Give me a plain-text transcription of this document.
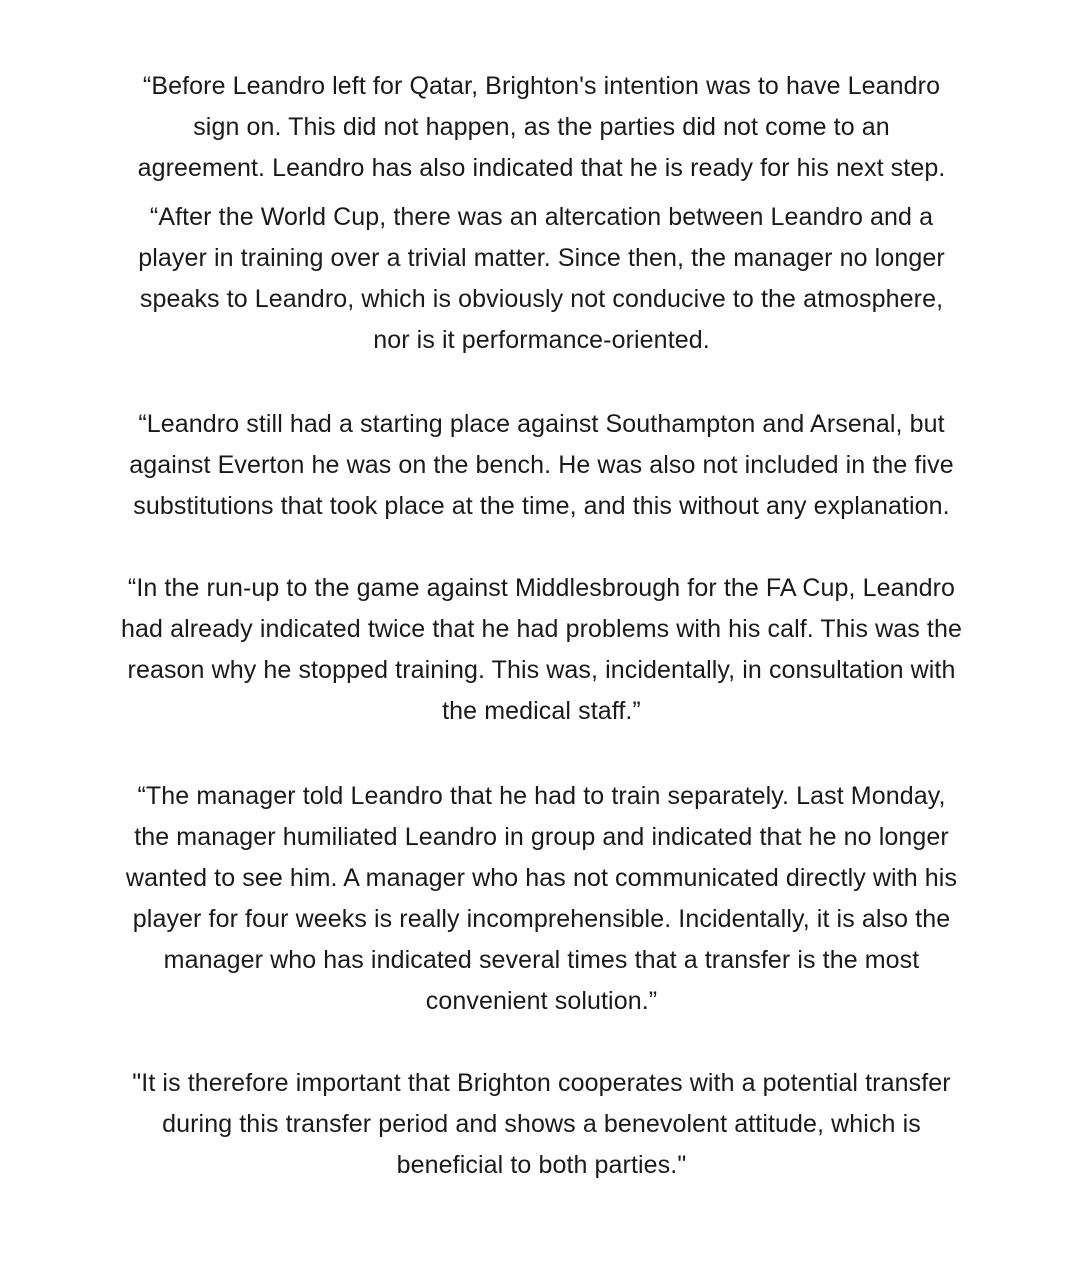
“Before Leandro left for Qatar, Brighton's intention was to have Leandro
sign on. This did not happen, as the parties did not come to an
agreement. Leandro has also indicated that he is ready for his next step.

“After the World Cup, there was an altercation between Leandro and a
player in training over a trivial matter. Since then, the manager no longer
speaks to Leandro, which is obviously not conducive to the atmosphere,
nor is it performance-oriented.

“Leandro still had a starting place against Southampton and Arsenal, but
against Everton he was on the bench. He was also not included in the five
substitutions that took place at the time, and this without any explanation.

“In the run-up to the game against Middlesbrough for the FA Cup, Leandro
had already indicated twice that he had problems with his calf. This was the
reason why he stopped training. This was, incidentally, in consultation with
the medical staff.”

“The manager told Leandro that he had to train separately. Last Monday,
the manager humiliated Leandro in group and indicated that he no longer
wanted to see him. A manager who has not communicated directly with his
player for four weeks is really incomprehensible. Incidentally, it is also the
manager who has indicated several times that a transfer is the most
convenient solution.”

"It is therefore important that Brighton cooperates with a potential transfer
during this transfer period and shows a benevolent attitude, which is
beneficial to both parties."
